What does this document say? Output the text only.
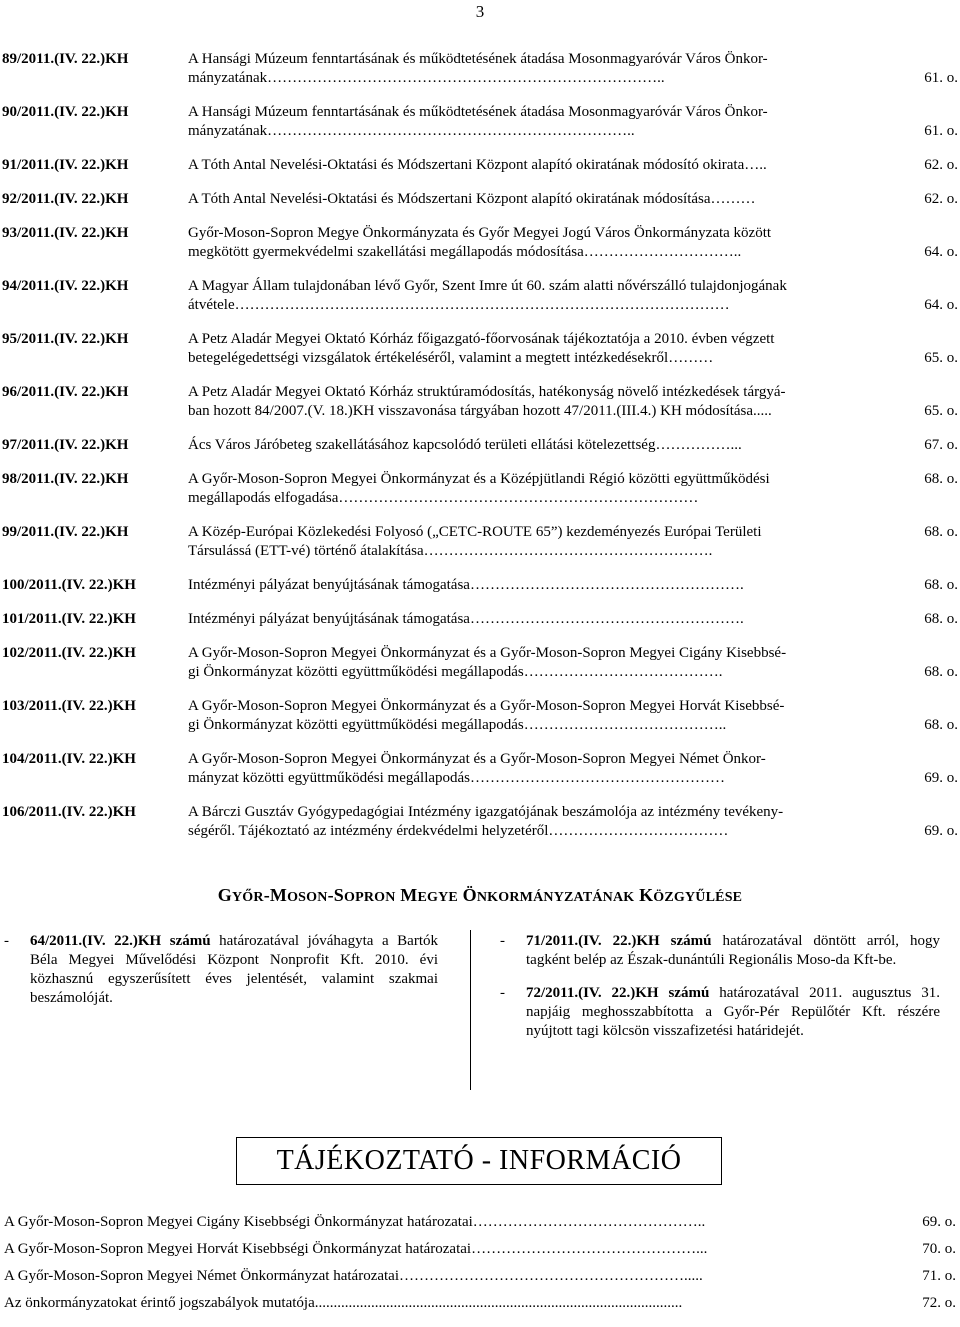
3
89/2011.(IV. 22.)KH	A Hansági Múzeum fenntartásának és működtetésének átadása Mosonmagyaróvár Város Önkor-
mányzatának……………………………………………………………………..	61. o.
90/2011.(IV. 22.)KH	A Hansági Múzeum fenntartásának és működtetésének átadása Mosonmagyaróvár Város Önkor-
mányzatának………………………………………………………………..	61. o.
91/2011.(IV. 22.)KH	A Tóth Antal Nevelési-Oktatási és Módszertani Központ alapító okiratának módosító okirata…..	62. o.
92/2011.(IV. 22.)KH	A Tóth Antal Nevelési-Oktatási és Módszertani Központ alapító okiratának módosítása………	62. o.
93/2011.(IV. 22.)KH	Győr-Moson-Sopron Megye Önkormányzata és Győr Megyei Jogú Város Önkormányzata között
megkötött gyermekvédelmi szakellátási megállapodás módosítása…………………………..	64. o.
94/2011.(IV. 22.)KH	A Magyar Állam tulajdonában lévő Győr, Szent Imre út 60. szám alatti nővérszálló tulajdonjogának
átvétele………………………………………………………………………………………	64. o.
95/2011.(IV. 22.)KH	A Petz Aladár Megyei Oktató Kórház főigazgató-főorvosának tájékoztatója a 2010. évben végzett
betegelégedettségi vizsgálatok értékeléséről, valamint a megtett intézkedésekről………	65. o.
96/2011.(IV. 22.)KH	A Petz Aladár Megyei Oktató Kórház struktúramódosítás, hatékonyság növelő intézkedések tárgyá-
ban hozott 84/2007.(V. 18.)KH visszavonása tárgyában hozott 47/2011.(III.4.) KH módosítása.....	65. o.
97/2011.(IV. 22.)KH	Ács Város Járóbeteg szakellátásához kapcsolódó területi ellátási kötelezettség……………...	67. o.
98/2011.(IV. 22.)KH	A Győr-Moson-Sopron Megyei Önkormányzat és a Középjütlandi Régió közötti együttműködési	68. o.
megállapodás elfogadása………………………………………………………………
99/2011.(IV. 22.)KH	A Közép-Európai Közlekedési Folyosó („CETC-ROUTE 65”) kezdeményezés Európai Területi	68. o.
Társulássá (ETT-vé) történő átalakítása………………………………………………….
100/2011.(IV. 22.)KH	Intézményi pályázat benyújtásának támogatása……………………………………………….	68. o.
101/2011.(IV. 22.)KH	Intézményi pályázat benyújtásának támogatása……………………………………………….	68. o.
102/2011.(IV. 22.)KH	A Győr-Moson-Sopron Megyei Önkormányzat és a Győr-Moson-Sopron Megyei Cigány Kisebbsé-
gi Önkormányzat közötti együttműködési megállapodás………………………………….	68. o.
103/2011.(IV. 22.)KH	A Győr-Moson-Sopron Megyei Önkormányzat és a Győr-Moson-Sopron Megyei Horvát Kisebbsé-
gi Önkormányzat közötti együttműködési megállapodás…………………………………..	68. o.
104/2011.(IV. 22.)KH	A Győr-Moson-Sopron Megyei Önkormányzat és a Győr-Moson-Sopron Megyei Német Önkor-
mányzat közötti együttműködési megállapodás……………………………………………	69. o.
106/2011.(IV. 22.)KH	A Bárczi Gusztáv Gyógypedagógiai Intézmény igazgatójának beszámolója az intézmény tevékeny-
ségéről. Tájékoztató az intézmény érdekvédelmi helyzetéről………………………………	69. o.
GYŐR-MOSON-SOPRON MEGYE ÖNKORMÁNYZATÁNAK KÖZGYŰLÉSE
-	64/2011.(IV. 22.)KH számú határozatával jóváhagyta a Bartók Béla Megyei Művelődési Központ Nonprofit Kft. 2010. évi közhasznú egyszerűsített éves jelentését, valamint szakmai beszámolóját.
-	71/2011.(IV. 22.)KH számú határozatával döntött arról, hogy tagként belép az Észak-dunántúli Regionális Moso-da Kft-be.
-	72/2011.(IV. 22.)KH számú határozatával 2011. augusztus 31. napjáig meghosszabbította a Győr-Pér Repülőtér Kft. részére nyújtott tagi kölcsön visszafizetési határidejét.
TÁJÉKOZTATÓ - INFORMÁCIÓ
A Győr-Moson-Sopron Megyei Cigány Kisebbségi Önkormányzat határozatai………………………………………..	69. o.
A Győr-Moson-Sopron Megyei Horvát Kisebbségi Önkormányzat határozatai………………………………………...	70. o.
A Győr-Moson-Sopron Megyei Német Önkormányzat határozatai………………………………………………….....	71. o.
Az önkormányzatokat érintő jogszabályok mutatója..................................................................................................	72. o.
